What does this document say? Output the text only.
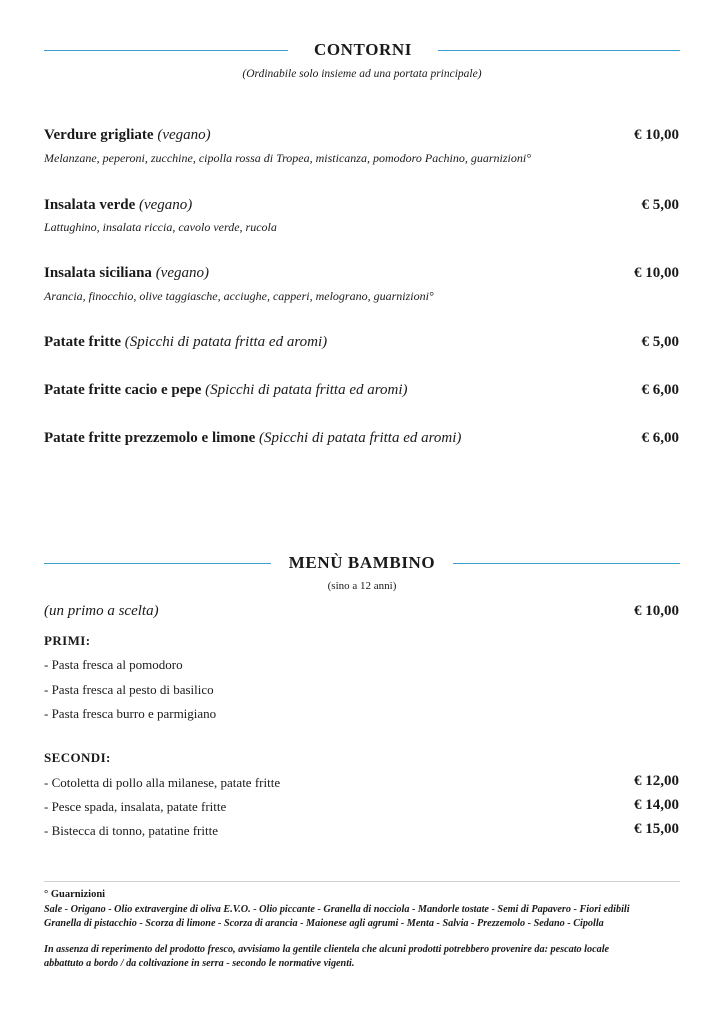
CONTORNI
(Ordinabile solo insieme ad una portata principale)
Verdure grigliate (vegano)
Melanzane, peperoni, zucchine, cipolla rossa di Tropea, misticanza, pomodoro Pachino, guarnizioni°
€ 10,00
Insalata verde (vegano)
Lattughino, insalata riccia, cavolo verde, rucola
€ 5,00
Insalata siciliana (vegano)
Arancia, finocchio, olive taggiasche, acciughe, capperi, melograno, guarnizioni°
€ 10,00
Patate fritte (Spicchi di patata fritta ed aromi)	€ 5,00
Patate fritte cacio e pepe (Spicchi di patata fritta ed aromi)	€ 6,00
Patate fritte prezzemolo e limone (Spicchi di patata fritta ed aromi)	€ 6,00
MENÙ BAMBINO
(sino a 12 anni)
(un primo a scelta)	€ 10,00
PRIMI:
- Pasta fresca al pomodoro
- Pasta fresca al pesto di basilico
- Pasta fresca burro e parmigiano
SECONDI:
- Cotoletta di pollo alla milanese, patate fritte	€ 12,00
- Pesce spada, insalata, patate fritte	€ 14,00
- Bistecca di tonno, patatine fritte	€ 15,00
° Guarnizioni
Sale - Origano - Olio extravergine di oliva E.V.O. - Olio piccante - Granella di nocciola - Mandorle tostate - Semi di Papavero - Fiori edibili
Granella di pistacchio - Scorza di limone - Scorza di arancia - Maionese agli agrumi - Menta - Salvia - Prezzemolo - Sedano - Cipolla
In assenza di reperimento del prodotto fresco, avvisiamo la gentile clientela che alcuni prodotti potrebbero provenire da: pescato locale
abbattuto a bordo / da coltivazione in serra - secondo le normative vigenti.
